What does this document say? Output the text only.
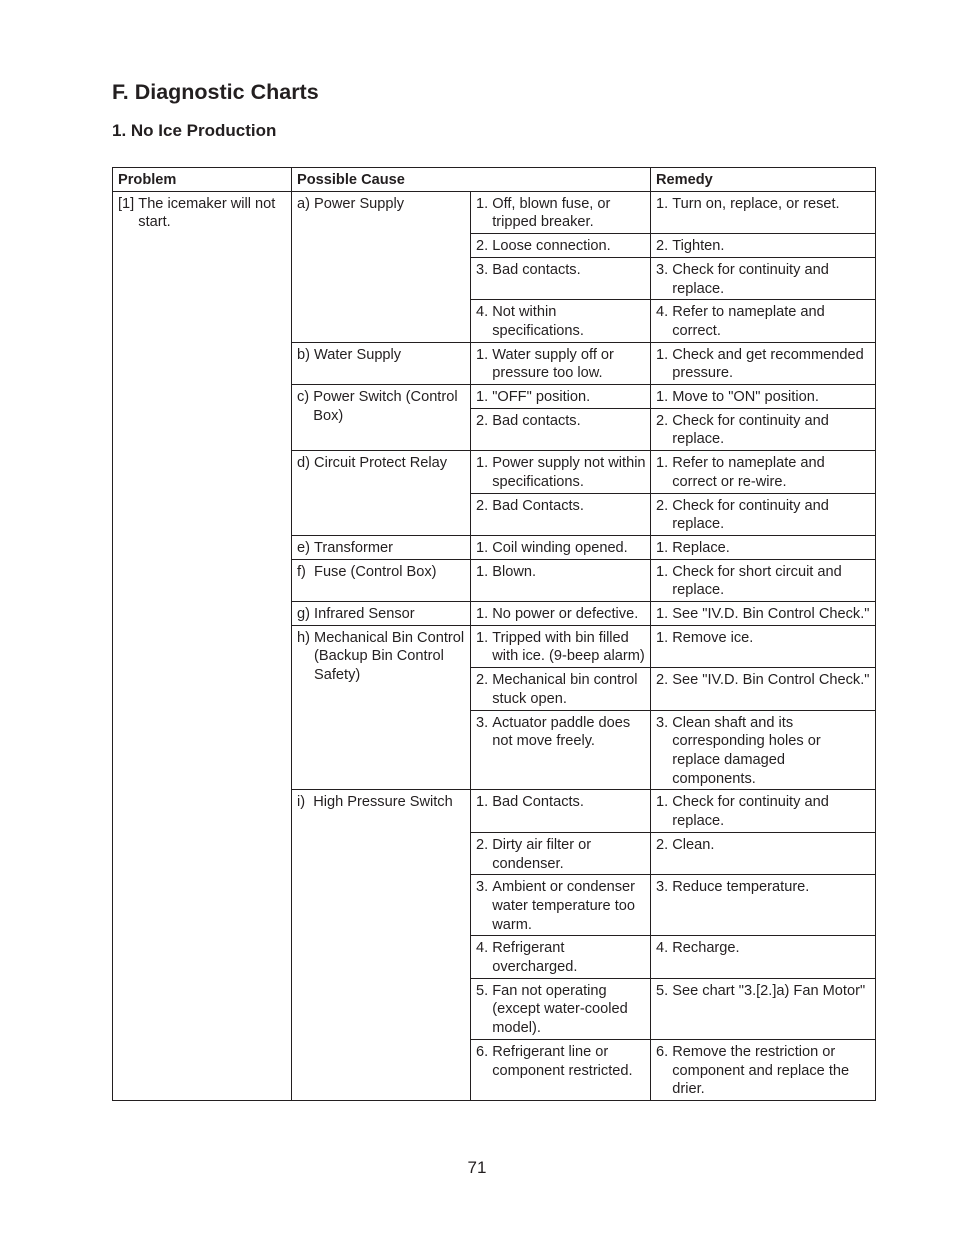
F. Diagnostic Charts
1. No Ice Production
Problem	Possible Cause		Remedy

[1] The icemaker will not start.	a) Power Supply	1. Off, blown fuse, or tripped breaker.	1. Turn on, replace, or reset.

		2. Loose connection.	2. Tighten.

		3. Bad contacts.	3. Check for continuity and replace.

		4. Not within specifications.	4. Refer to nameplate and correct.

	b) Water Supply	1. Water supply off or pressure too low.	1. Check and get recommended pressure.

	c) Power Switch (Control Box)	1. "OFF" position.	1. Move to "ON" position.

		2. Bad contacts.	2. Check for continuity and replace.

	d) Circuit Protect Relay	1. Power supply not within specifications.	1. Refer to nameplate and correct or re-wire.

		2. Bad Contacts.	2. Check for continuity and replace.

	e) Transformer	1. Coil winding opened.	1. Replace.

	f) Fuse (Control Box)	1. Blown.	1. Check for short circuit and replace.

	g) Infrared Sensor	1. No power or defective.	1. See "IV.D. Bin Control Check."

	h) Mechanical Bin Control (Backup Bin Control Safety)	1. Tripped with bin filled with ice. (9-beep alarm)	1. Remove ice.

		2. Mechanical bin control stuck open.	2. See "IV.D. Bin Control Check."

		3. Actuator paddle does not move freely.	3. Clean shaft and its corresponding holes or replace damaged components.

	i) High Pressure Switch	1. Bad Contacts.	1. Check for continuity and replace.

		2. Dirty air filter or condenser.	2. Clean.

		3. Ambient or condenser water temperature too warm.	3. Reduce temperature.

		4. Refrigerant overcharged.	4. Recharge.

		5. Fan not operating (except water-cooled model).	5. See chart "3.[2.]a) Fan Motor"

		6. Refrigerant line or component restricted.	6. Remove the restriction or component and replace the drier.
71
